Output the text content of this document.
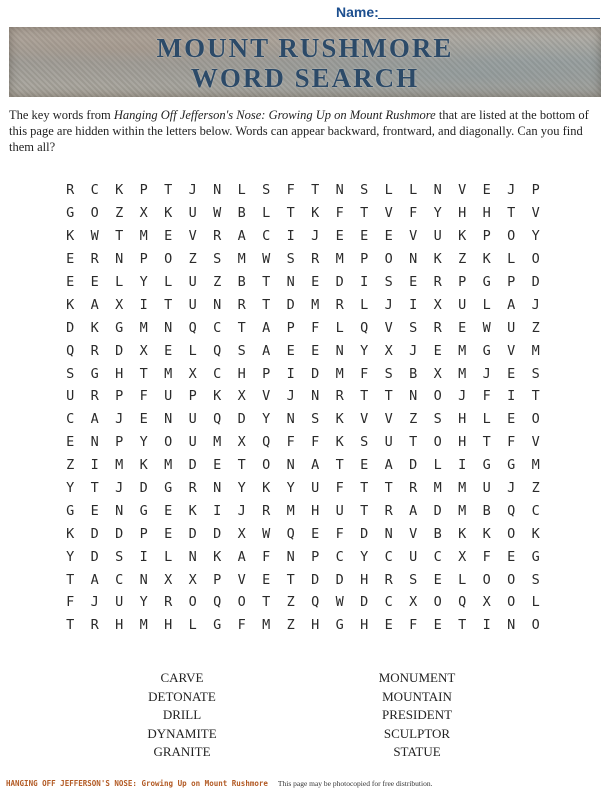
Name:
MOUNT RUSHMORE
WORD SEARCH
The key words from Hanging Off Jefferson's Nose: Growing Up on Mount Rushmore that are listed at the bottom of this page are hidden within the letters below. Words can appear backward, frontward, and diagonally. Can you find them all?
R	C	K	P	T	J	N	L	S	F	T	N	S	L	L	N	V	E	J	P
G	O	Z	X	K	U	W	B	L	T	K	F	T	V	F	Y	H	H	T	V
K	W	T	M	E	V	R	A	C	I	J	E	E	E	V	U	K	P	O	Y
E	R	N	P	O	Z	S	M	W	S	R	M	P	O	N	K	Z	K	L	O
E	E	L	Y	L	U	Z	B	T	N	E	D	I	S	E	R	P	G	P	D
K	A	X	I	T	U	N	R	T	D	M	R	L	J	I	X	U	L	A	J
D	K	G	M	N	Q	C	T	A	P	F	L	Q	V	S	R	E	W	U	Z
Q	R	D	X	E	L	Q	S	A	E	E	N	Y	X	J	E	M	G	V	M
S	G	H	T	M	X	C	H	P	I	D	M	F	S	B	X	M	J	E	S
U	R	P	F	U	P	K	X	V	J	N	R	T	T	N	O	J	F	I	T
C	A	J	E	N	U	Q	D	Y	N	S	K	V	V	Z	S	H	L	E	O
E	N	P	Y	O	U	M	X	Q	F	F	K	S	U	T	O	H	T	F	V
Z	I	M	K	M	D	E	T	O	N	A	T	E	A	D	L	I	G	G	M
Y	T	J	D	G	R	N	Y	K	Y	U	F	T	T	R	M	M	U	J	Z
G	E	N	G	E	K	I	J	R	M	H	U	T	R	A	D	M	B	Q	C
K	D	D	P	E	D	D	X	W	Q	E	F	D	N	V	B	K	K	O	K
Y	D	S	I	L	N	K	A	F	N	P	C	Y	C	U	C	X	F	E	G
T	A	C	N	X	X	P	V	E	T	D	D	H	R	S	E	L	O	O	S
F	J	U	Y	R	O	Q	O	T	Z	Q	W	D	C	X	O	Q	X	O	L
T	R	H	M	H	L	G	F	M	Z	H	G	H	E	F	E	T	I	N	O
CARVE
DETONATE
DRILL
DYNAMITE
GRANITE
MONUMENT
MOUNTAIN
PRESIDENT
SCULPTOR
STATUE
HANGING OFF JEFFERSON'S NOSE: Growing Up on Mount Rushmore This page may be photocopied for free distribution.
